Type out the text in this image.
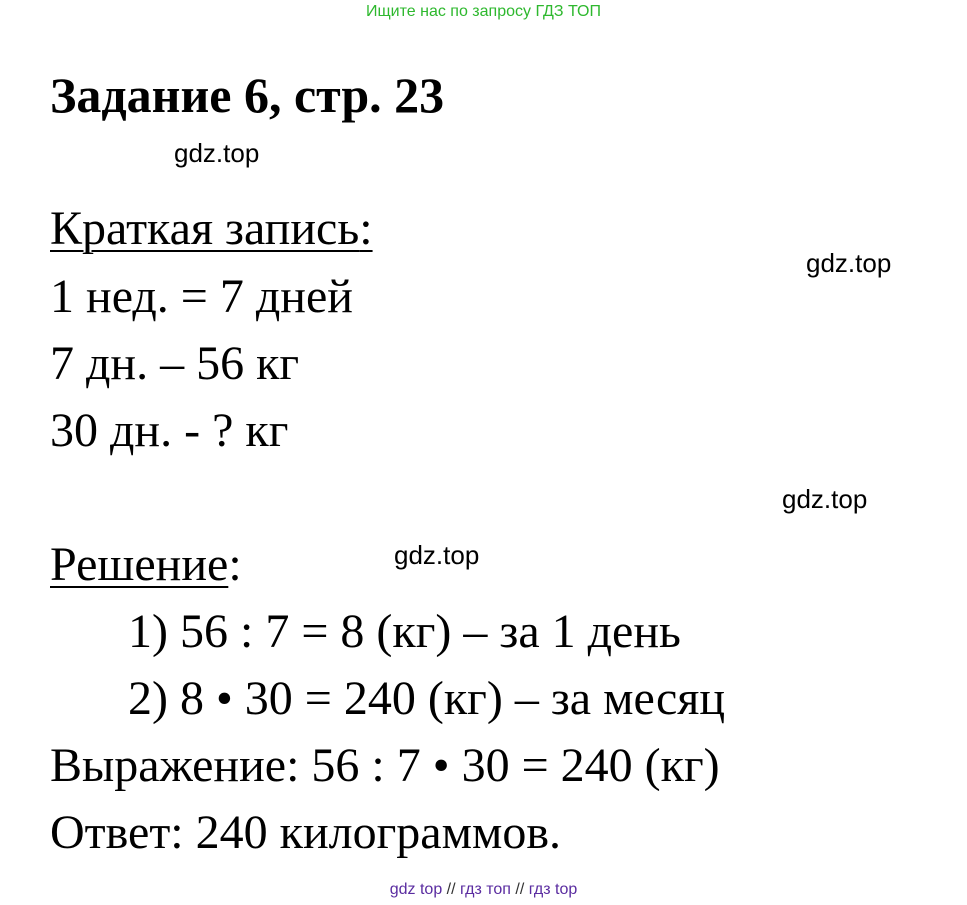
Ищите нас по запросу ГДЗ ТОП
Задание 6, стр. 23
gdz.top
gdz.top
gdz.top
gdz.top
Краткая запись:
1 нед. = 7 дней
7 дн. – 56 кг
30 дн. - ? кг
Решение:
1) 56 : 7 = 8 (кг) – за 1 день
2) 8 • 30 = 240 (кг) – за месяц
Выражение: 56 : 7 • 30 = 240 (кг)
Ответ: 240 килограммов.
gdz top // гдз топ // гдз top
